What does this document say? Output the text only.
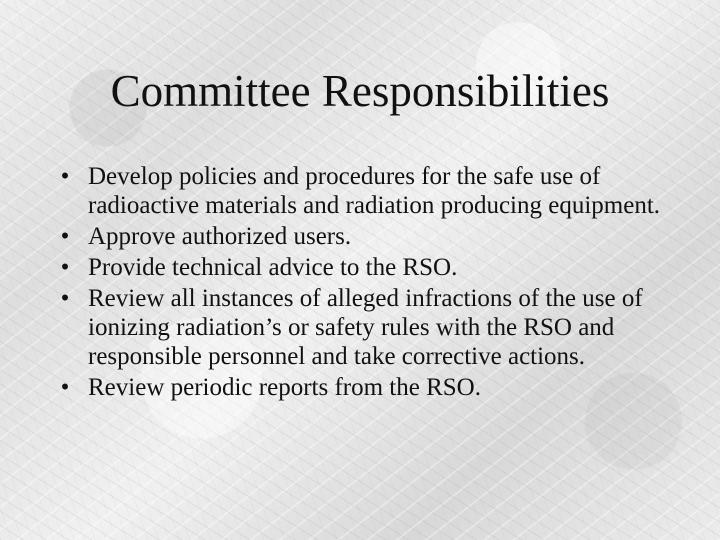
Committee Responsibilities
• Develop policies and procedures for the safe use of radioactive materials and radiation producing equipment.
• Approve authorized users.
• Provide technical advice to the RSO.
• Review all instances of alleged infractions of the use of ionizing radiation’s or safety rules with the RSO and responsible personnel and take corrective actions.
• Review periodic reports from the RSO.
